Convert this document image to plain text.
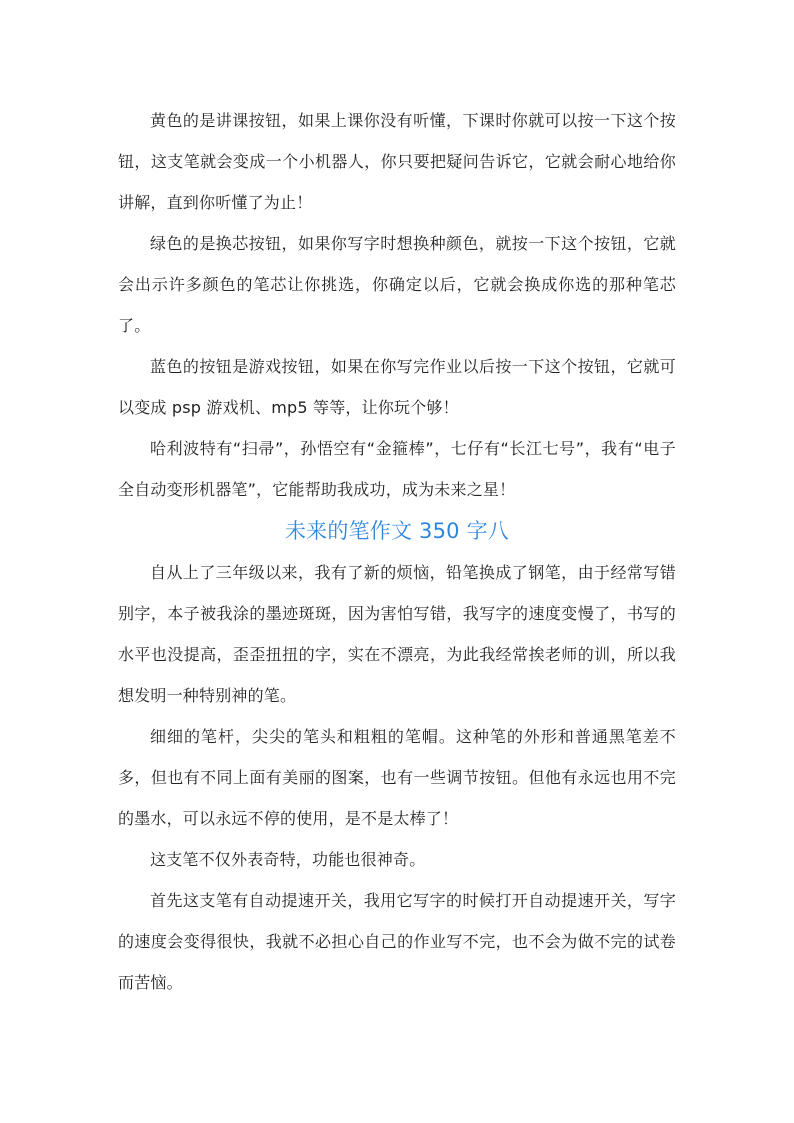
黄色的是讲课按钮，如果上课你没有听懂，下课时你就可以按一下这个按钮，这支笔就会变成一个小机器人，你只要把疑问告诉它，它就会耐心地给你讲解，直到你听懂了为止！

绿色的是换芯按钮，如果你写字时想换种颜色，就按一下这个按钮，它就会出示许多颜色的笔芯让你挑选，你确定以后，它就会换成你选的那种笔芯了。

蓝色的按钮是游戏按钮，如果在你写完作业以后按一下这个按钮，它就可以变成 psp 游戏机、mp5 等等，让你玩个够！

哈利波特有“扫帚”，孙悟空有“金箍棒”，七仔有“长江七号”，我有“电子全自动变形机器笔”，它能帮助我成功，成为未来之星！

未来的笔作文 350 字八

自从上了三年级以来，我有了新的烦恼，铅笔换成了钢笔，由于经常写错别字，本子被我涂的墨迹斑斑，因为害怕写错，我写字的速度变慢了，书写的水平也没提高，歪歪扭扭的字，实在不漂亮，为此我经常挨老师的训，所以我想发明一种特别神的笔。

细细的笔杆，尖尖的笔头和粗粗的笔帽。这种笔的外形和普通黑笔差不多，但也有不同上面有美丽的图案，也有一些调节按钮。但他有永远也用不完的墨水，可以永远不停的使用，是不是太棒了！

这支笔不仅外表奇特，功能也很神奇。

首先这支笔有自动提速开关，我用它写字的时候打开自动提速开关，写字的速度会变得很快，我就不必担心自己的作业写不完，也不会为做不完的试卷而苦恼。
